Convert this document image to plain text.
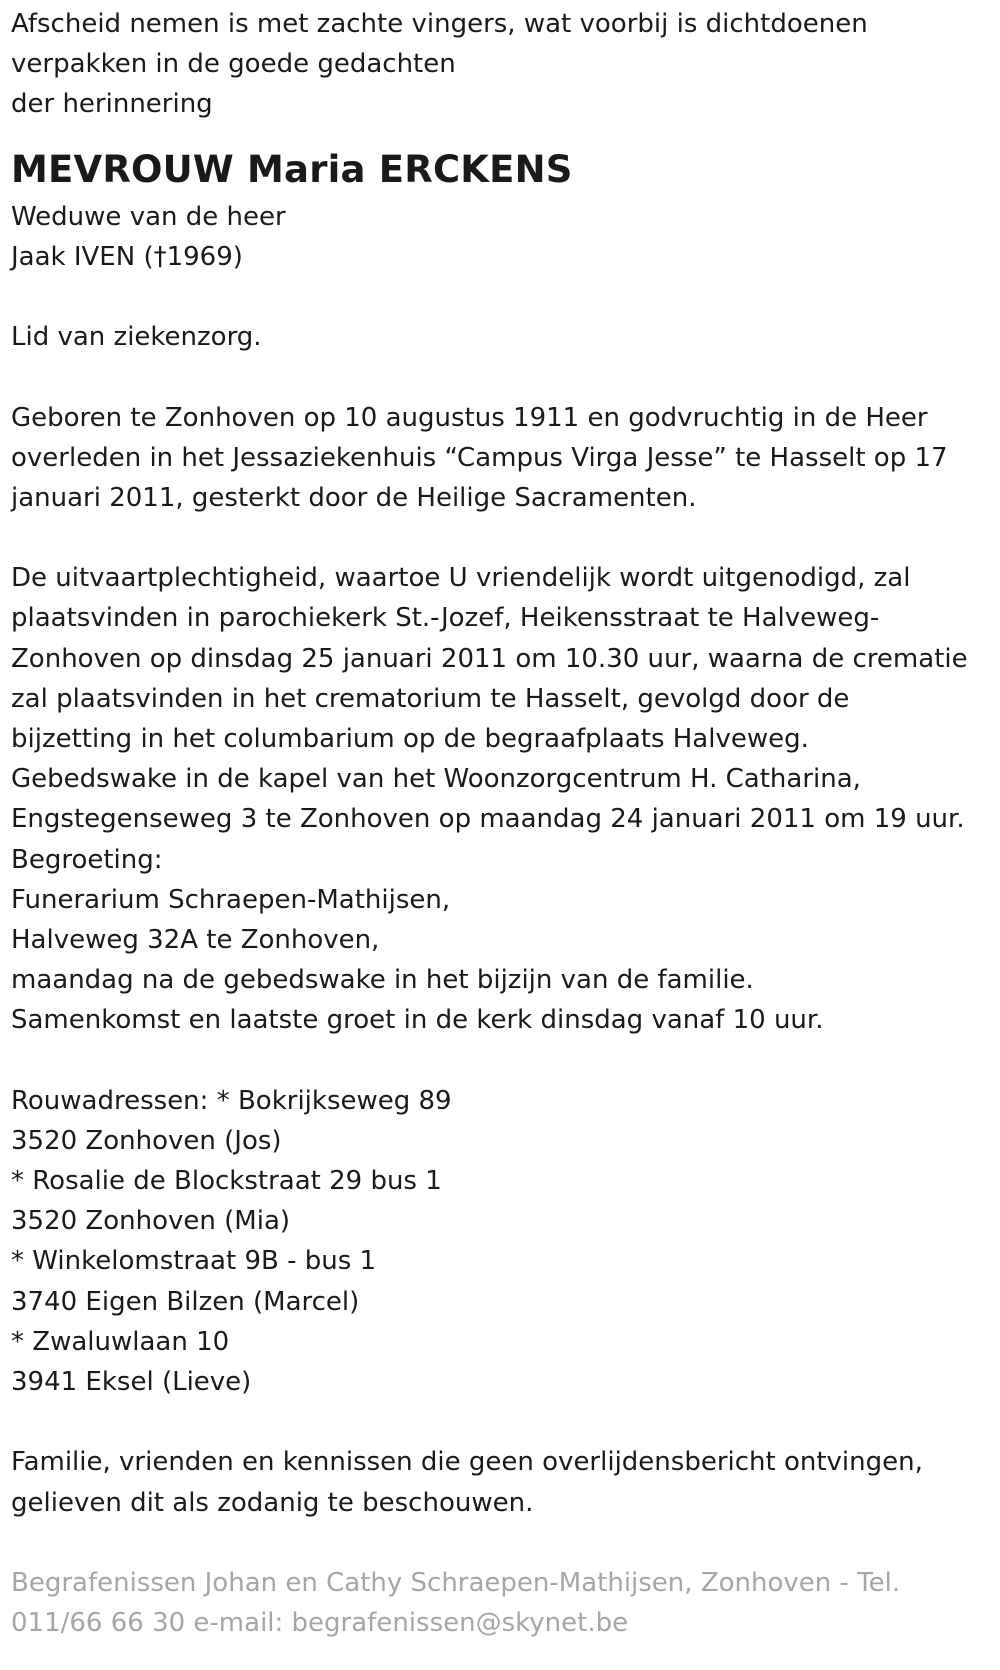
Afscheid nemen is met zachte vingers, wat voorbij is dichtdoenen
verpakken in de goede gedachten
der herinnering
MEVROUW Maria ERCKENS
Weduwe van de heer
Jaak IVEN (†1969)
Lid van ziekenzorg.
Geboren te Zonhoven op 10 augustus 1911 en godvruchtig in de Heer
overleden in het Jessaziekenhuis “Campus Virga Jesse” te Hasselt op 17
januari 2011, gesterkt door de Heilige Sacramenten.
De uitvaartplechtigheid, waartoe U vriendelijk wordt uitgenodigd, zal
plaatsvinden in parochiekerk St.-Jozef, Heikensstraat te Halveweg-
Zonhoven op dinsdag 25 januari 2011 om 10.30 uur, waarna de crematie
zal plaatsvinden in het crematorium te Hasselt, gevolgd door de
bijzetting in het columbarium op de begraafplaats Halveweg.
Gebedswake in de kapel van het Woonzorgcentrum H. Catharina,
Engstegenseweg 3 te Zonhoven op maandag 24 januari 2011 om 19 uur.
Begroeting:
Funerarium Schraepen-Mathijsen,
Halveweg 32A te Zonhoven,
maandag na de gebedswake in het bijzijn van de familie.
Samenkomst en laatste groet in de kerk dinsdag vanaf 10 uur.
Rouwadressen: * Bokrijkseweg 89
3520 Zonhoven (Jos)
* Rosalie de Blockstraat 29 bus 1
3520 Zonhoven (Mia)
* Winkelomstraat 9B - bus 1
3740 Eigen Bilzen (Marcel)
* Zwaluwlaan 10
3941 Eksel (Lieve)
Familie, vrienden en kennissen die geen overlijdensbericht ontvingen,
gelieven dit als zodanig te beschouwen.
Begrafenissen Johan en Cathy Schraepen-Mathijsen, Zonhoven - Tel.
011/66 66 30 e-mail: begrafenissen@skynet.be
